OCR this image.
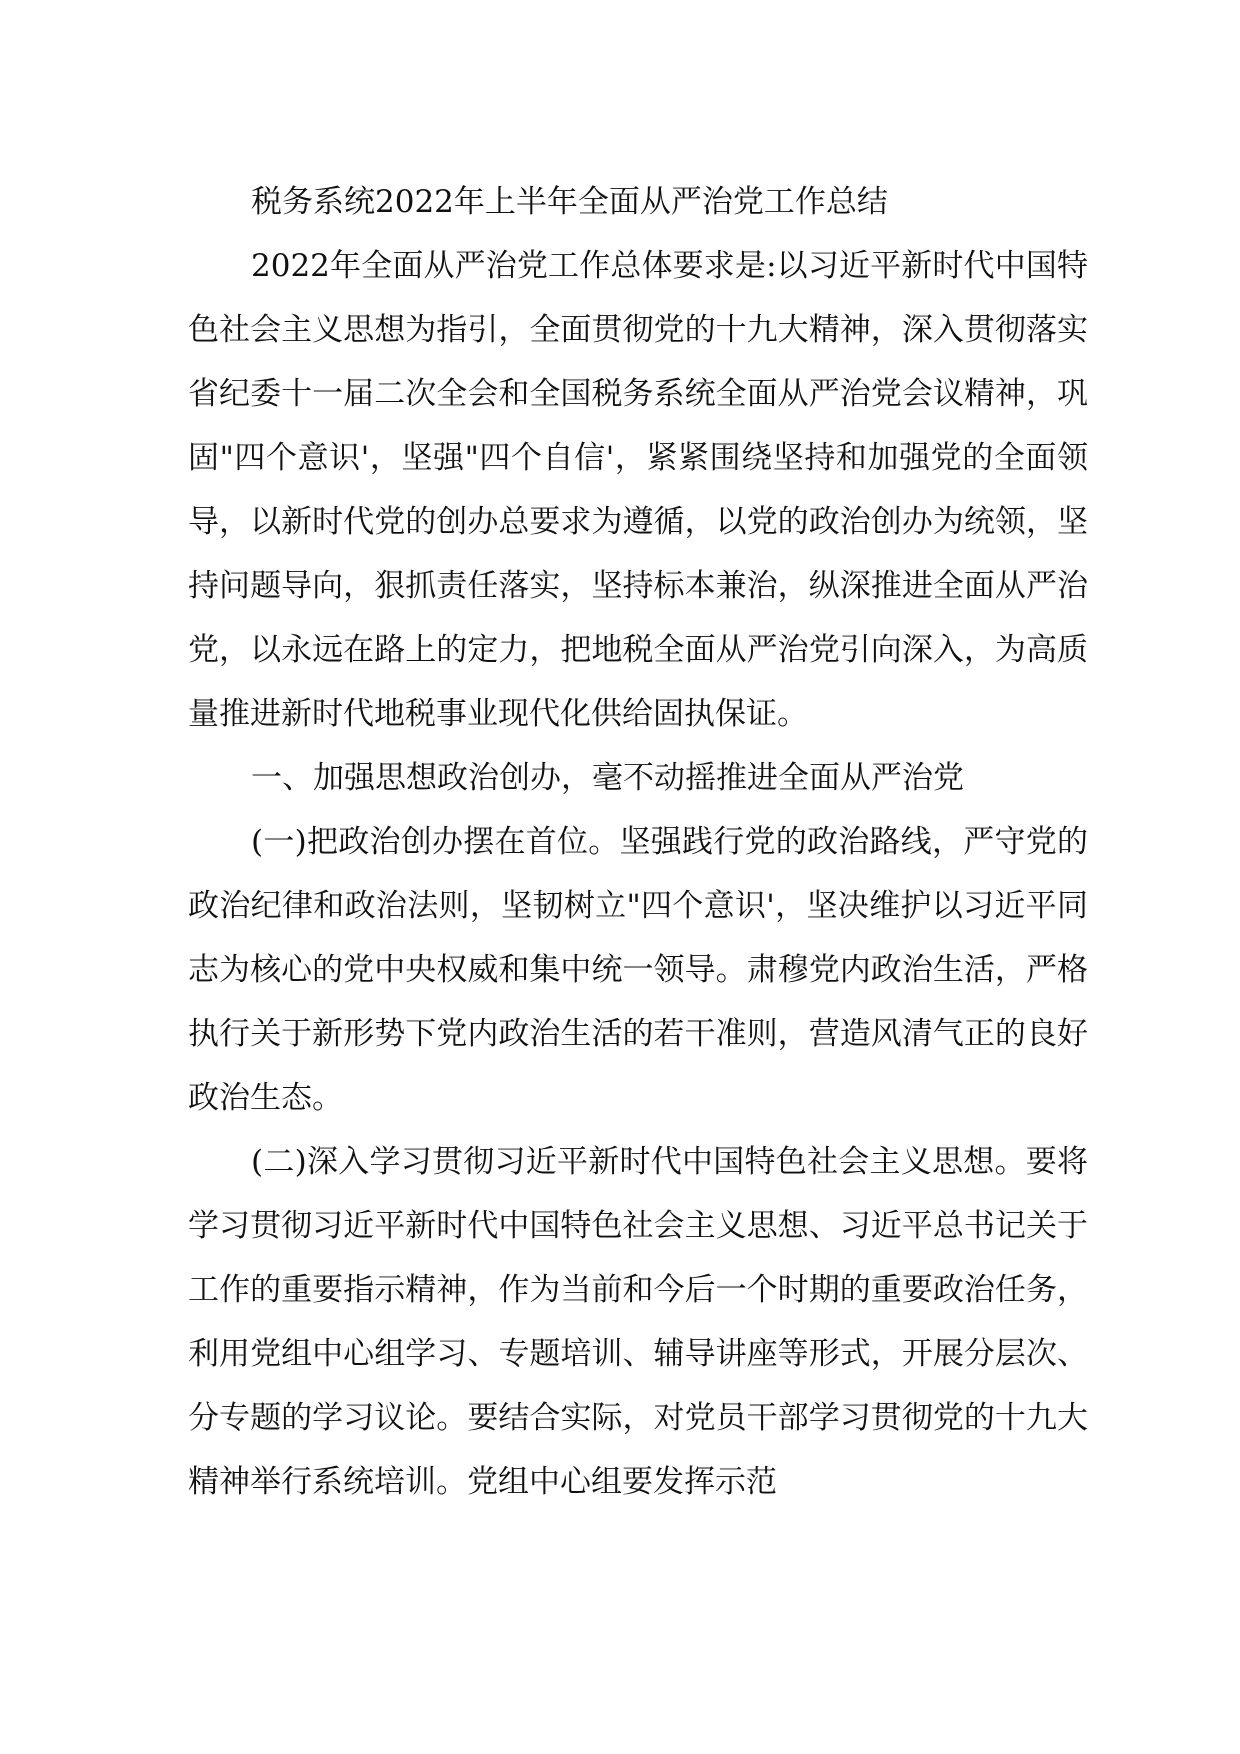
税务系统2022年上半年全面从严治党工作总结

2022年全面从严治党工作总体要求是:以习近平新时代中国特色社会主义思想为指引，全面贯彻党的十九大精神，深入贯彻落实省纪委十一届二次全会和全国税务系统全面从严治党会议精神，巩固"四个意识'，坚强"四个自信'，紧紧围绕坚持和加强党的全面领导，以新时代党的创办总要求为遵循，以党的政治创办为统领，坚持问题导向，狠抓责任落实，坚持标本兼治，纵深推进全面从严治党，以永远在路上的定力，把地税全面从严治党引向深入，为高质量推进新时代地税事业现代化供给固执保证。

一、加强思想政治创办，毫不动摇推进全面从严治党

(一)把政治创办摆在首位。坚强践行党的政治路线，严守党的政治纪律和政治法则，坚韧树立"四个意识'，坚决维护以习近平同志为核心的党中央权威和集中统一领导。肃穆党内政治生活，严格执行关于新形势下党内政治生活的若干准则，营造风清气正的良好政治生态。

(二)深入学习贯彻习近平新时代中国特色社会主义思想。要将学习贯彻习近平新时代中国特色社会主义思想、习近平总书记关于工作的重要指示精神，作为当前和今后一个时期的重要政治任务，利用党组中心组学习、专题培训、辅导讲座等形式，开展分层次、分专题的学习议论。要结合实际，对党员干部学习贯彻党的十九大精神举行系统培训。党组中心组要发挥示范
